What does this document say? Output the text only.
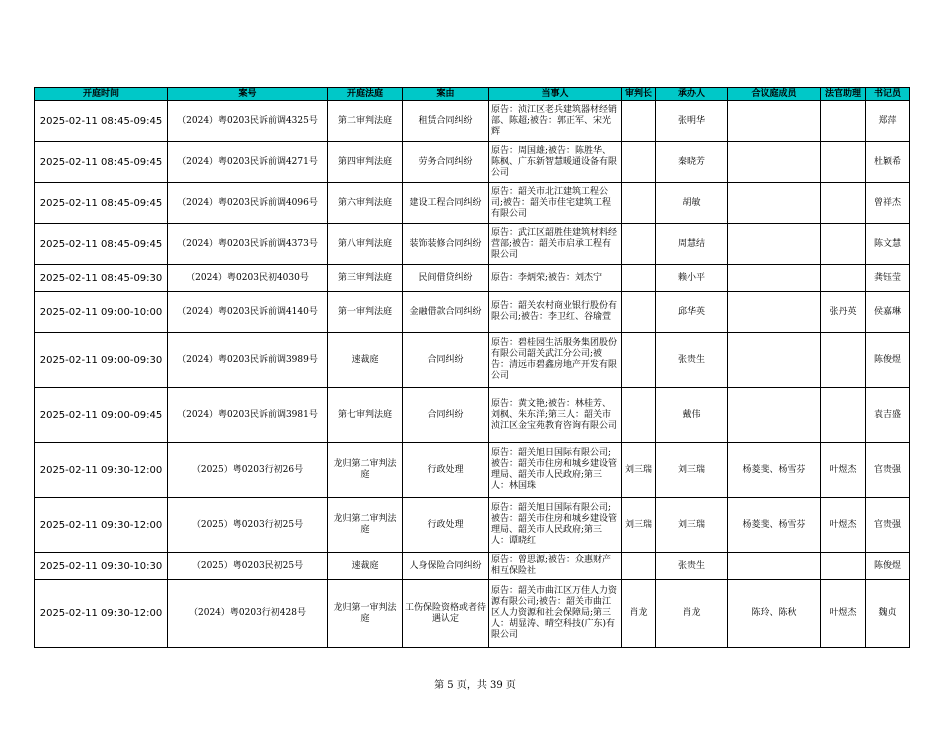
开庭时间	案号	开庭法庭	案由	当事人	审判长	承办人	合议庭成员	法官助理	书记员
2025-02-11 08:45-09:45	（2024）粤0203民诉前调4325号	第二审判法庭	租赁合同纠纷	原告：浈江区老兵建筑器材经销部、陈超;被告：郭正军、宋光辉		张明华			郑萍
2025-02-11 08:45-09:45	（2024）粤0203民诉前调4271号	第四审判法庭	劳务合同纠纷	原告：周国雄;被告：陈胜华、陈枫、广东新智慧暖通设备有限公司		秦晓芳			杜颖希
2025-02-11 08:45-09:45	（2024）粤0203民诉前调4096号	第六审判法庭	建设工程合同纠纷	原告：韶关市北江建筑工程公司;被告：韶关市佳宅建筑工程有限公司		胡敏			曾祥杰
2025-02-11 08:45-09:45	（2024）粤0203民诉前调4373号	第八审判法庭	装饰装修合同纠纷	原告：武江区韶胜佳建筑材料经营部;被告：韶关市启承工程有限公司		周慧结			陈文慧
2025-02-11 08:45-09:30	（2024）粤0203民初4030号	第三审判法庭	民间借贷纠纷	原告：李炳荣;被告：刘杰宁		赖小平			龚钰莹
2025-02-11 09:00-10:00	（2024）粤0203民诉前调4140号	第一审判法庭	金融借款合同纠纷	原告：韶关农村商业银行股份有限公司;被告：李卫红、谷瑜萱		邱华英		张丹英	侯嘉琳
2025-02-11 09:00-09:30	（2024）粤0203民诉前调3989号	速裁庭	合同纠纷	原告：碧桂园生活服务集团股份有限公司韶关武江分公司;被告：清远市碧鑫房地产开发有限公司		张贵生			陈俊煜
2025-02-11 09:00-09:45	（2024）粤0203民诉前调3981号	第七审判法庭	合同纠纷	原告：黄文艳;被告：林桂芳、刘枫、朱东洋;第三人：韶关市浈江区金宝苑教育咨询有限公司		戴伟			袁吉盛
2025-02-11 09:30-12:00	（2025）粤0203行初26号	龙归第二审判法庭	行政处理	原告：韶关旭日国际有限公司;被告：韶关市住房和城乡建设管理局、韶关市人民政府;第三人：林国珠	刘三瑞	刘三瑞	杨菱斐、杨雪芬	叶煜杰	官贵强
2025-02-11 09:30-12:00	（2025）粤0203行初25号	龙归第二审判法庭	行政处理	原告：韶关旭日国际有限公司;被告：韶关市住房和城乡建设管理局、韶关市人民政府;第三人：谭晓红	刘三瑞	刘三瑞	杨菱斐、杨雪芬	叶煜杰	官贵强
2025-02-11 09:30-10:30	（2025）粤0203民初25号	速裁庭	人身保险合同纠纷	原告：曾思源;被告：众惠财产相互保险社		张贵生			陈俊煜
2025-02-11 09:30-12:00	（2024）粤0203行初428号	龙归第一审判法庭	工伤保险资格或者待遇认定	原告：韶关市曲江区万佳人力资源有限公司;被告：韶关市曲江区人力资源和社会保障局;第三人：胡显涛、晴空科技(广东)有限公司	肖龙	肖龙	陈玲、陈秋	叶煜杰	魏贞
第 5 页，共 39 页
